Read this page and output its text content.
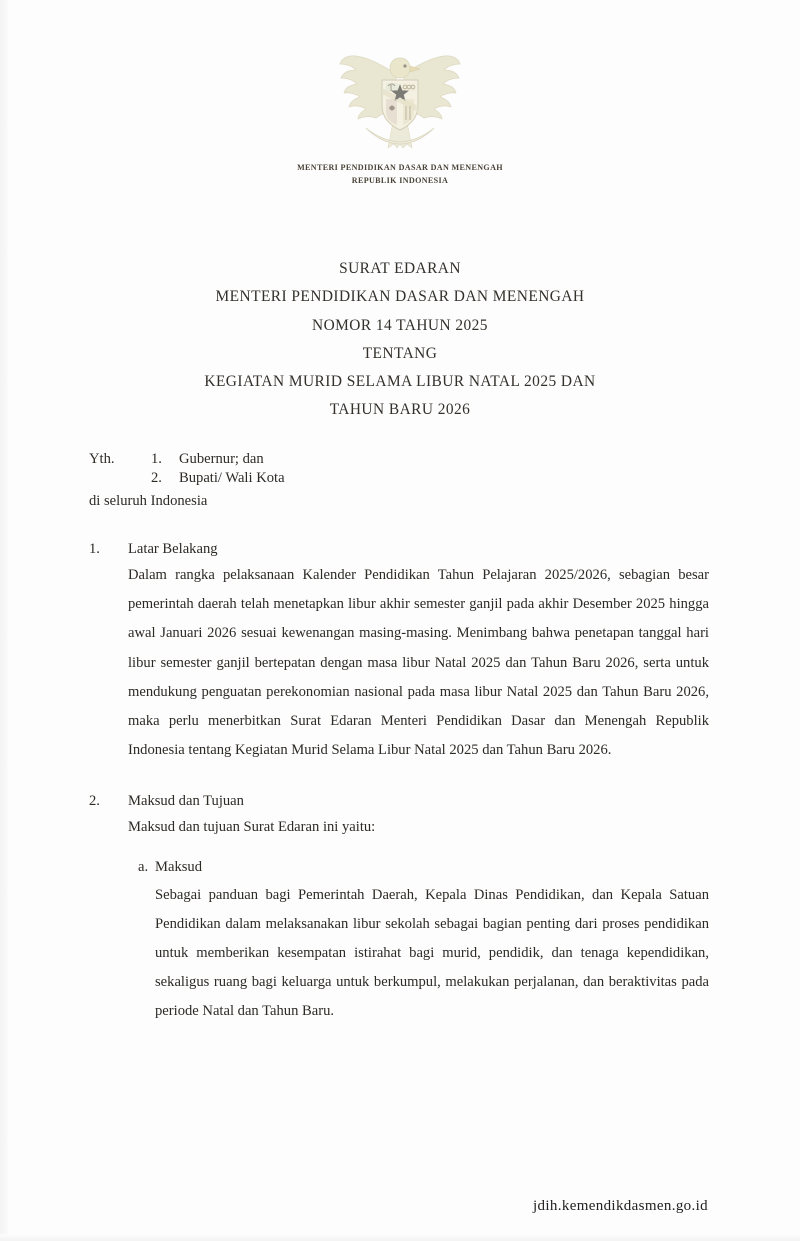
MENTERI PENDIDIKAN DASAR DAN MENENGAH
REPUBLIK INDONESIA
SURAT EDARAN
MENTERI PENDIDIKAN DASAR DAN MENENGAH
NOMOR 14 TAHUN 2025
TENTANG
KEGIATAN MURID SELAMA LIBUR NATAL 2025 DAN
TAHUN BARU 2026
Yth.	1.	Gubernur; dan
2.	Bupati/ Wali Kota
di seluruh Indonesia
1.	Latar Belakang
Dalam rangka pelaksanaan Kalender Pendidikan Tahun Pelajaran 2025/2026, sebagian besar pemerintah daerah telah menetapkan libur akhir semester ganjil pada akhir Desember 2025 hingga awal Januari 2026 sesuai kewenangan masing-masing. Menimbang bahwa penetapan tanggal hari libur semester ganjil bertepatan dengan masa libur Natal 2025 dan Tahun Baru 2026, serta untuk mendukung penguatan perekonomian nasional pada masa libur Natal 2025 dan Tahun Baru 2026, maka perlu menerbitkan Surat Edaran Menteri Pendidikan Dasar dan Menengah Republik Indonesia tentang Kegiatan Murid Selama Libur Natal 2025 dan Tahun Baru 2026.
2.	Maksud dan Tujuan
Maksud dan tujuan Surat Edaran ini yaitu:
a. Maksud
Sebagai panduan bagi Pemerintah Daerah, Kepala Dinas Pendidikan, dan Kepala Satuan Pendidikan dalam melaksanakan libur sekolah sebagai bagian penting dari proses pendidikan untuk memberikan kesempatan istirahat bagi murid, pendidik, dan tenaga kependidikan, sekaligus ruang bagi keluarga untuk berkumpul, melakukan perjalanan, dan beraktivitas pada periode Natal dan Tahun Baru.
jdih.kemendikdasmen.go.id
